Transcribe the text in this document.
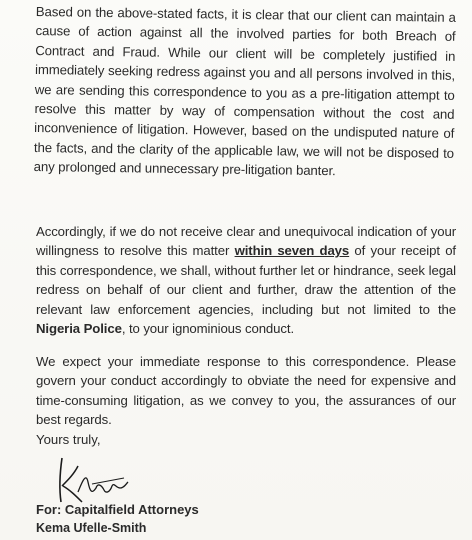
Based on the above-stated facts, it is clear that our client can maintain a cause of action against all the involved parties for both Breach of Contract and Fraud. While our client will be completely justified in immediately seeking redress against you and all persons involved in this, we are sending this correspondence to you as a pre-litigation attempt to resolve this matter by way of compensation without the cost and inconvenience of litigation. However, based on the undisputed nature of the facts, and the clarity of the applicable law, we will not be disposed to any prolonged and unnecessary pre-litigation banter.

Accordingly, if we do not receive clear and unequivocal indication of your willingness to resolve this matter within seven days of your receipt of this correspondence, we shall, without further let or hindrance, seek legal redress on behalf of our client and further, draw the attention of the relevant law enforcement agencies, including but not limited to the Nigeria Police, to your ignominious conduct.

We expect your immediate response to this correspondence. Please govern your conduct accordingly to obviate the need for expensive and time-consuming litigation, as we convey to you, the assurances of our best regards.

Yours truly,
For: Capitalfield Attorneys
Kema Ufelle-Smith
